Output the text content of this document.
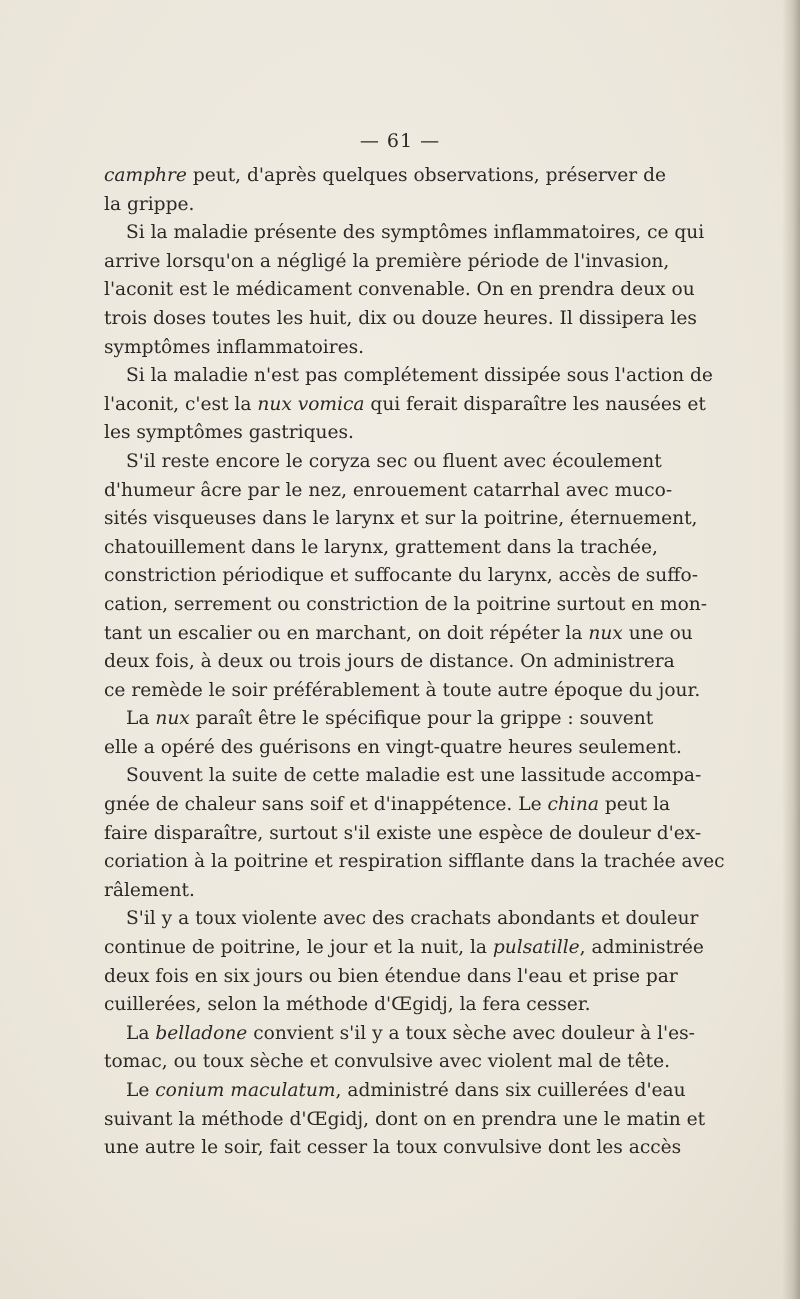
— 61 —
camphre peut, d'après quelques observations, préserver de
la grippe.
Si la maladie présente des symptômes inflammatoires, ce qui
arrive lorsqu'on a négligé la première période de l'invasion,
l'aconit est le médicament convenable. On en prendra deux ou
trois doses toutes les huit, dix ou douze heures. Il dissipera les
symptômes inflammatoires.
Si la maladie n'est pas complétement dissipée sous l'action de
l'aconit, c'est la nux vomica qui ferait disparaître les nausées et
les symptômes gastriques.
S'il reste encore le coryza sec ou fluent avec écoulement
d'humeur âcre par le nez, enrouement catarrhal avec muco-
sités visqueuses dans le larynx et sur la poitrine, éternuement,
chatouillement dans le larynx, grattement dans la trachée,
constriction périodique et suffocante du larynx, accès de suffo-
cation, serrement ou constriction de la poitrine surtout en mon-
tant un escalier ou en marchant, on doit répéter la nux une ou
deux fois, à deux ou trois jours de distance. On administrera
ce remède le soir préférablement à toute autre époque du jour.
La nux paraît être le spécifique pour la grippe : souvent
elle a opéré des guérisons en vingt-quatre heures seulement.
Souvent la suite de cette maladie est une lassitude accompa-
gnée de chaleur sans soif et d'inappétence. Le china peut la
faire disparaître, surtout s'il existe une espèce de douleur d'ex-
coriation à la poitrine et respiration sifflante dans la trachée avec
râlement.
S'il y a toux violente avec des crachats abondants et douleur
continue de poitrine, le jour et la nuit, la pulsatille, administrée
deux fois en six jours ou bien étendue dans l'eau et prise par
cuillerées, selon la méthode d'Œgidj, la fera cesser.
La belladone convient s'il y a toux sèche avec douleur à l'es-
tomac, ou toux sèche et convulsive avec violent mal de tête.
Le conium maculatum, administré dans six cuillerées d'eau
suivant la méthode d'Œgidj, dont on en prendra une le matin et
une autre le soir, fait cesser la toux convulsive dont les accès
